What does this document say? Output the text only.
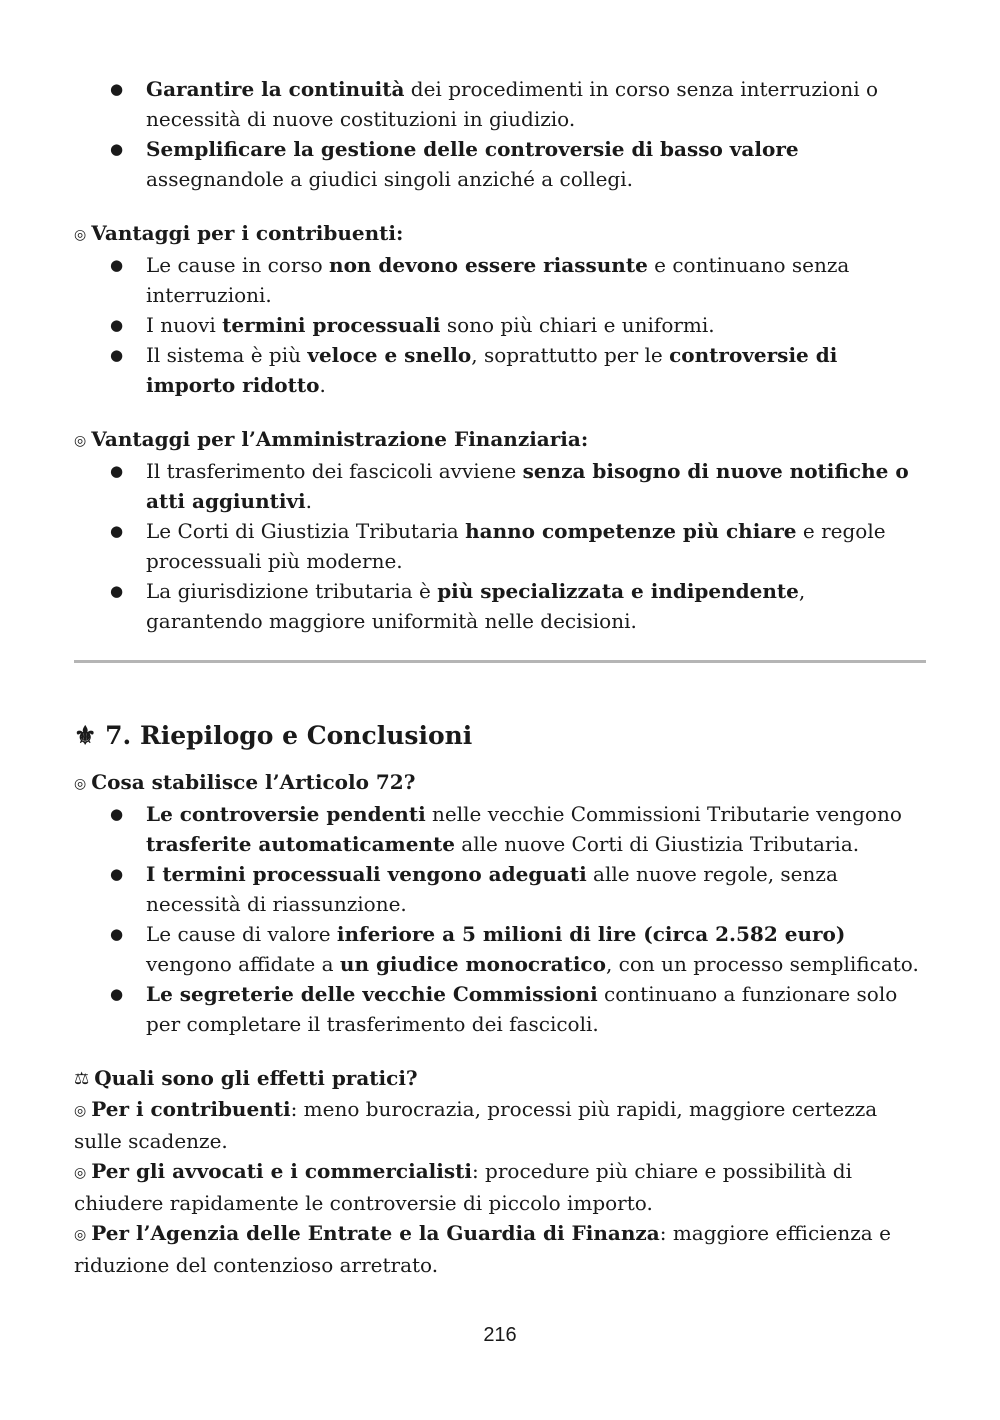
● Garantire la continuità dei procedimenti in corso senza interruzioni o necessità di nuove costituzioni in giudizio.
● Semplificare la gestione delle controversie di basso valore assegnandole a giudici singoli anziché a collegi.

◎ Vantaggi per i contribuenti:

● Le cause in corso non devono essere riassunte e continuano senza interruzioni.
● I nuovi termini processuali sono più chiari e uniformi.
● Il sistema è più veloce e snello, soprattutto per le controversie di importo ridotto.

◎ Vantaggi per l’Amministrazione Finanziaria:

● Il trasferimento dei fascicoli avviene senza bisogno di nuove notifiche o atti aggiuntivi.
● Le Corti di Giustizia Tributaria hanno competenze più chiare e regole processuali più moderne.
● La giurisdizione tributaria è più specializzata e indipendente, garantendo maggiore uniformità nelle decisioni.
⚜ 7. Riepilogo e Conclusioni

◎ Cosa stabilisce l’Articolo 72?

● Le controversie pendenti nelle vecchie Commissioni Tributarie vengono trasferite automaticamente alle nuove Corti di Giustizia Tributaria.
● I termini processuali vengono adeguati alle nuove regole, senza necessità di riassunzione.
● Le cause di valore inferiore a 5 milioni di lire (circa 2.582 euro) vengono affidate a un giudice monocratico, con un processo semplificato.
● Le segreterie delle vecchie Commissioni continuano a funzionare solo per completare il trasferimento dei fascicoli.

⚖ Quali sono gli effetti pratici?

◎ Per i contribuenti: meno burocrazia, processi più rapidi, maggiore certezza sulle scadenze.

◎ Per gli avvocati e i commercialisti: procedure più chiare e possibilità di chiudere rapidamente le controversie di piccolo importo.

◎ Per l’Agenzia delle Entrate e la Guardia di Finanza: maggiore efficienza e riduzione del contenzioso arretrato.

216
